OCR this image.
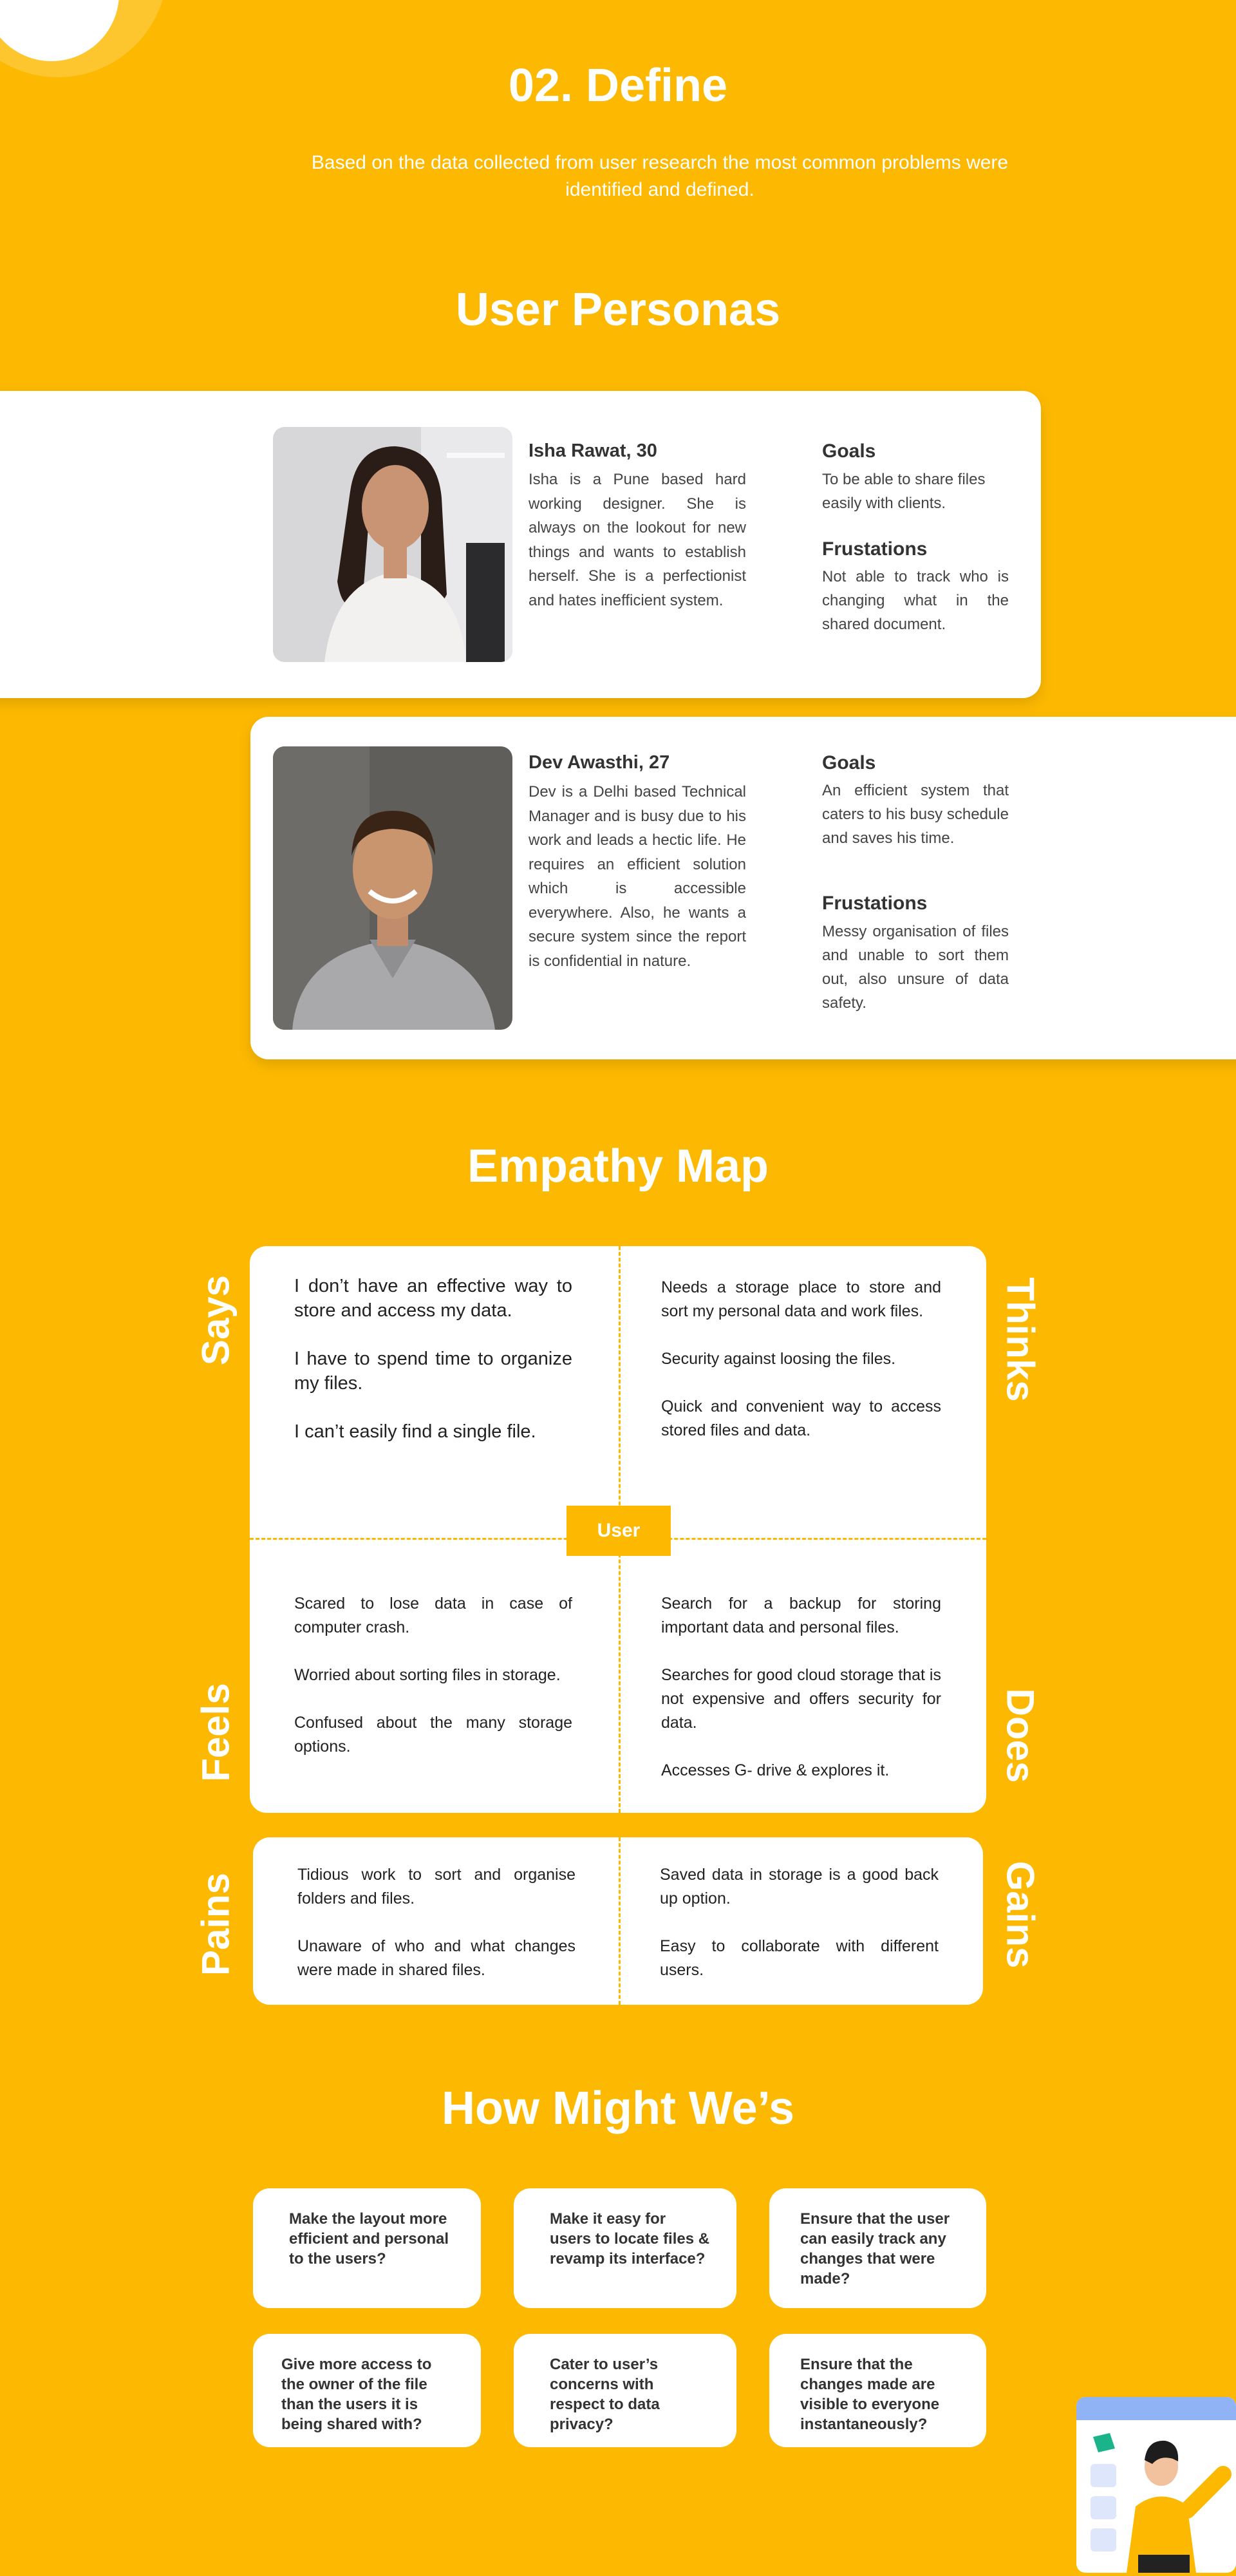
02. Define
Based on the data collected from user research the most common problems were identified and defined.
User Personas
Isha Rawat, 30
Isha is a Pune based hard working designer. She is always on the lookout for new things and wants to establish herself. She is a perfectionist and hates inefficient system.
Goals
To be able to share files easily with clients.
Frustations
Not able to track who is changing what in the shared document.
Dev Awasthi, 27
Dev is a Delhi based Technical Manager and is busy due to his work and leads a hectic life. He requires an efficient solution which is accessible everywhere. Also, he wants a secure system since the report is confidential in nature.
Goals
An efficient system that caters to his busy schedule and saves his time.
Frustations
Messy organisation of files and unable to sort them out, also unsure of data safety.
Empathy Map
User
I don’t have an effective way to store and access my data.
I have to spend time to organize my files.
I can’t easily find a single file.
Needs a storage place to store and sort my personal data and work files.
Security against loosing the files.
Quick and convenient way to access stored files and data.
Scared to lose data in case of computer crash.
Worried about sorting files in storage.
Confused about the many storage options.
Search for a backup for storing important data and personal files.
Searches for good cloud storage that is not expensive and offers security for data.
Accesses G- drive & explores it.
Says	Thinks
Feels	Does
Pains	Gains
Tidious work to sort and organise folders and files.
Unaware of who and what changes were made in shared files.
Saved data in storage is a good back up option.
Easy to collaborate with different users.
How Might We’s
Make the layout more efficient and personal to the users?
Make it easy for users to locate files & revamp its interface?
Ensure that the user can easily track any changes that were made?
Give more access to the owner of the file than the users it is being shared with?
Cater to user’s concerns with respect to data privacy?
Ensure that the changes made are visible to everyone instantaneously?
